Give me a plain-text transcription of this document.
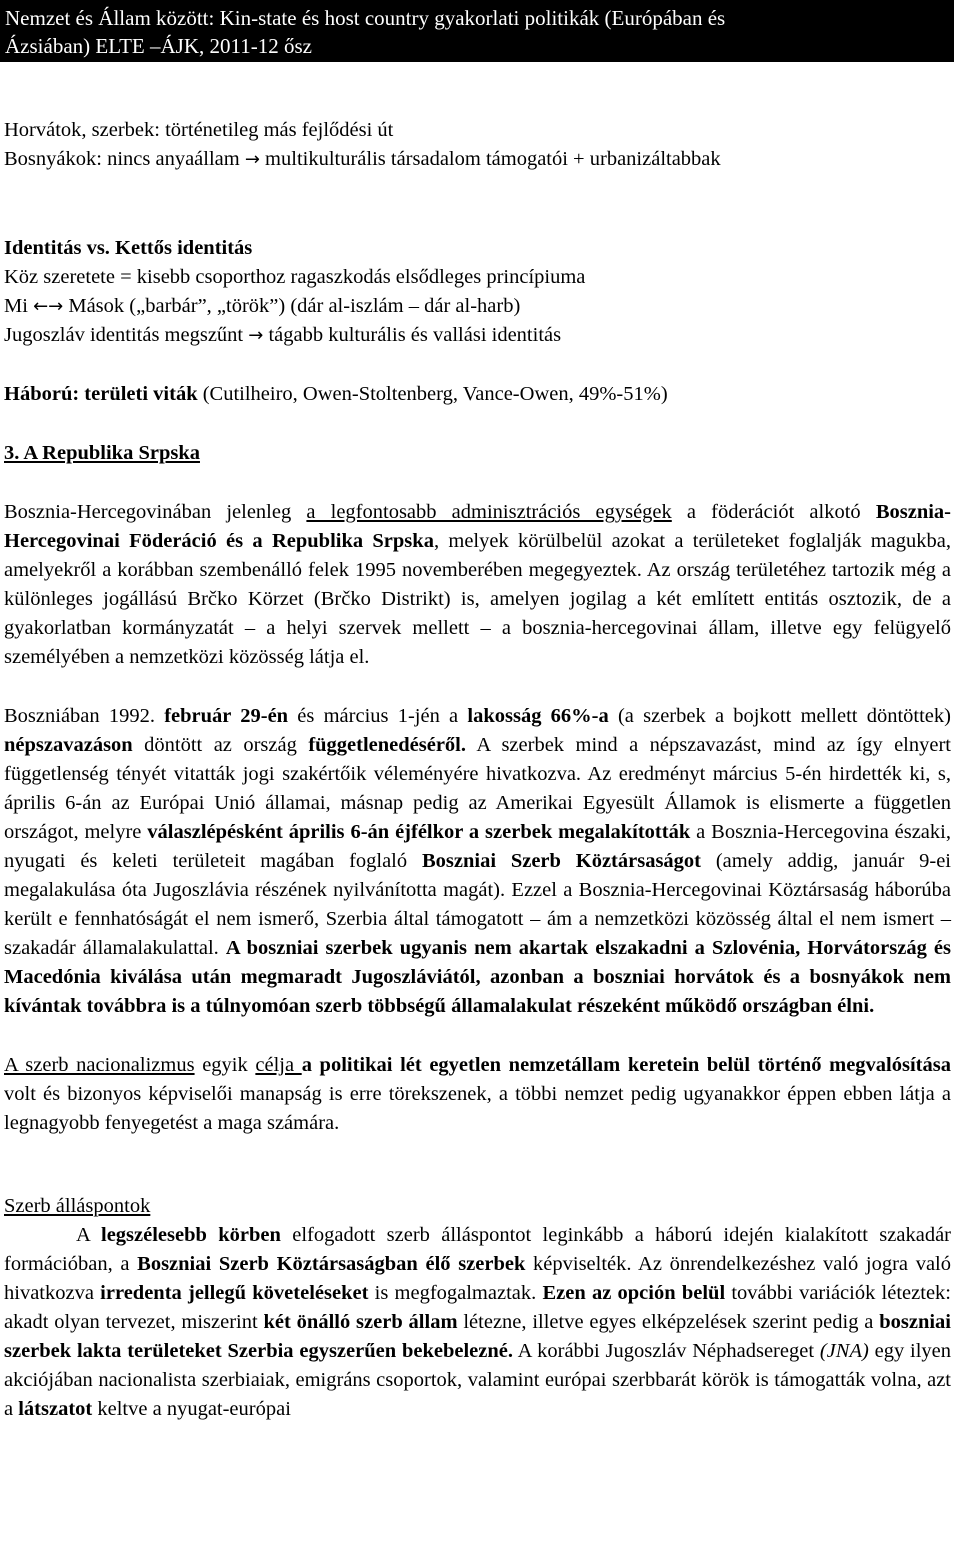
Nemzet és Állam között: Kin-state és host country gyakorlati politikák (Európában és
Ázsiában) ELTE –ÁJK, 2011-12 ősz
Horvátok, szerbek: történetileg más fejlődési út
Bosnyákok: nincs anyaállam → multikulturális társadalom támogatói + urbanizáltabbak
Identitás vs. Kettős identitás
Köz szeretete = kisebb csoporthoz ragaszkodás elsődleges princípiuma
Mi ←→ Mások („barbár”, „török”) (dár al-iszlám – dár al-harb)
Jugoszláv identitás megszűnt → tágabb kulturális és vallási identitás
Háború: területi viták (Cutilheiro, Owen-Stoltenberg, Vance-Owen, 49%-51%)
3. A Republika Srpska

Bosznia-Hercegovinában jelenleg a legfontosabb adminisztrációs egységek a föderációt alkotó Bosznia-Hercegovinai Föderáció és a Republika Srpska, melyek körülbelül azokat a területeket foglalják magukba, amelyekről a korábban szembenálló felek 1995 novemberében megegyeztek. Az ország területéhez tartozik még a különleges jogállású Brčko Körzet (Brčko Distrikt) is, amelyen jogilag a két említett entitás osztozik, de a gyakorlatban kormányzatát – a helyi szervek mellett – a bosznia-hercegovinai állam, illetve egy felügyelő személyében a nemzetközi közösség látja el.

Boszniában 1992. február 29-én és március 1-jén a lakosság 66%-a (a szerbek a bojkott mellett döntöttek) népszavazáson döntött az ország függetlenedéséről. A szerbek mind a népszavazást, mind az így elnyert függetlenség tényét vitatták jogi szakértőik véleményére hivatkozva. Az eredményt március 5-én hirdették ki, s, április 6-án az Európai Unió államai, másnap pedig az Amerikai Egyesült Államok is elismerte a független országot, melyre válaszlépésként április 6-án éjfélkor a szerbek megalakították a Bosznia-Hercegovina északi, nyugati és keleti területeit magában foglaló Boszniai Szerb Köztársaságot (amely addig, január 9-ei megalakulása óta Jugoszlávia részének nyilvánította magát). Ezzel a Bosznia-Hercegovinai Köztársaság háborúba került e fennhatóságát el nem ismerő, Szerbia által támogatott – ám a nemzetközi közösség által el nem ismert – szakadár államalakulattal. A boszniai szerbek ugyanis nem akartak elszakadni a Szlovénia, Horvátország és Macedónia kiválása után megmaradt Jugoszláviától, azonban a boszniai horvátok és a bosnyákok nem kívántak továbbra is a túlnyomóan szerb többségű államalakulat részeként működő országban élni.

A szerb nacionalizmus egyik célja a politikai lét egyetlen nemzetállam keretein belül történő megvalósítása volt és bizonyos képviselői manapság is erre törekszenek, a többi nemzet pedig ugyanakkor éppen ebben látja a legnagyobb fenyegetést a maga számára.

Szerb álláspontok

A legszélesebb körben elfogadott szerb álláspontot leginkább a háború idején kialakított szakadár formációban, a Boszniai Szerb Köztársaságban élő szerbek képviselték. Az önrendelkezéshez való jogra való hivatkozva irredenta jellegű követeléseket is megfogalmaztak. Ezen az opción belül további variációk léteztek: akadt olyan tervezet, miszerint két önálló szerb állam létezne, illetve egyes elképzelések szerint pedig a boszniai szerbek lakta területeket Szerbia egyszerűen bekebelezné. A korábbi Jugoszláv Néphadsereget (JNA) egy ilyen akciójában nacionalista szerbiaiak, emigráns csoportok, valamint európai szerbbarát körök is támogatták volna, azt a látszatot keltve a nyugat-európai
